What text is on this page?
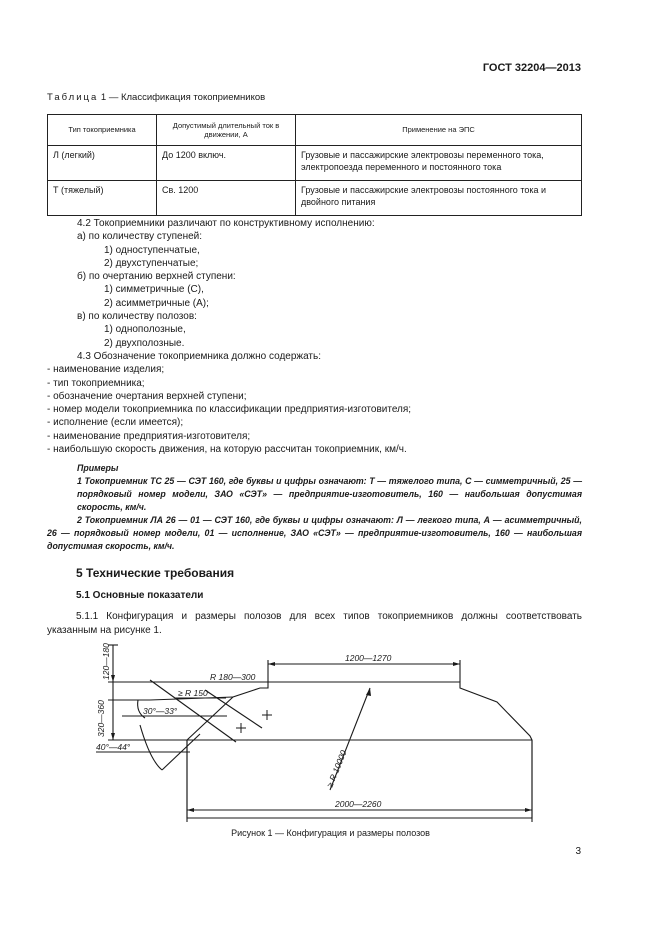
ГОСТ 32204—2013
Таблица 1 — Классификация токоприемников
Тип токоприемника	Допустимый длительный ток в движении, А	Применение на ЭПС
Л (легкий)	До 1200 включ.	Грузовые и пассажирские электровозы переменного тока, электропоезда переменного и постоянного тока
Т (тяжелый)	Св. 1200	Грузовые и пассажирские электровозы постоянного тока и двойного питания

4.2 Токоприемники различают по конструктивному исполнению:

а) по количеству ступеней:

1) одноступенчатые,

2) двухступенчатые;

б) по очертанию верхней ступени:

1) симметричные (С),

2) асимметричные (А);

в) по количеству полозов:

1) однополозные,

2) двухполозные.

4.3 Обозначение токоприемника должно содержать:

- наименование изделия;

- тип токоприемника;

- обозначение очертания верхней ступени;

- номер модели токоприемника по классификации предприятия-изготовителя;

- исполнение (если имеется);

- наименование предприятия-изготовителя;

- наибольшую скорость движения, на которую рассчитан токоприемник, км/ч.

Примеры

1 Токоприемник ТС 25 — СЭТ 160, где буквы и цифры означают: Т — тяжелого типа, С — симметричный, 25 — порядковый номер модели, ЗАО «СЭТ» — предприятие-изготовитель, 160 — наибольшая допустимая скорость, км/ч.

2 Токоприемник ЛА 26 — 01 — СЭТ 160, где буквы и цифры означают: Л — легкого типа, А — асимметричный, 26 — порядковый номер модели, 01 — исполнение, ЗАО «СЭТ» — предприятие-изготовитель, 160 — наибольшая допустимая скорость, км/ч.

5 Технические требования
5.1 Основные показатели
5.1.1 Конфигурация и размеры полозов для всех типов токоприемников должны соответствовать указанным на рисунке 1.
1200—1270
2000—2260
R 180—300
≥ R 150
30°—33°
40°—44°
120—180
320—360
≥ R 10000
Рисунок 1 — Конфигурация и размеры полозов
3
